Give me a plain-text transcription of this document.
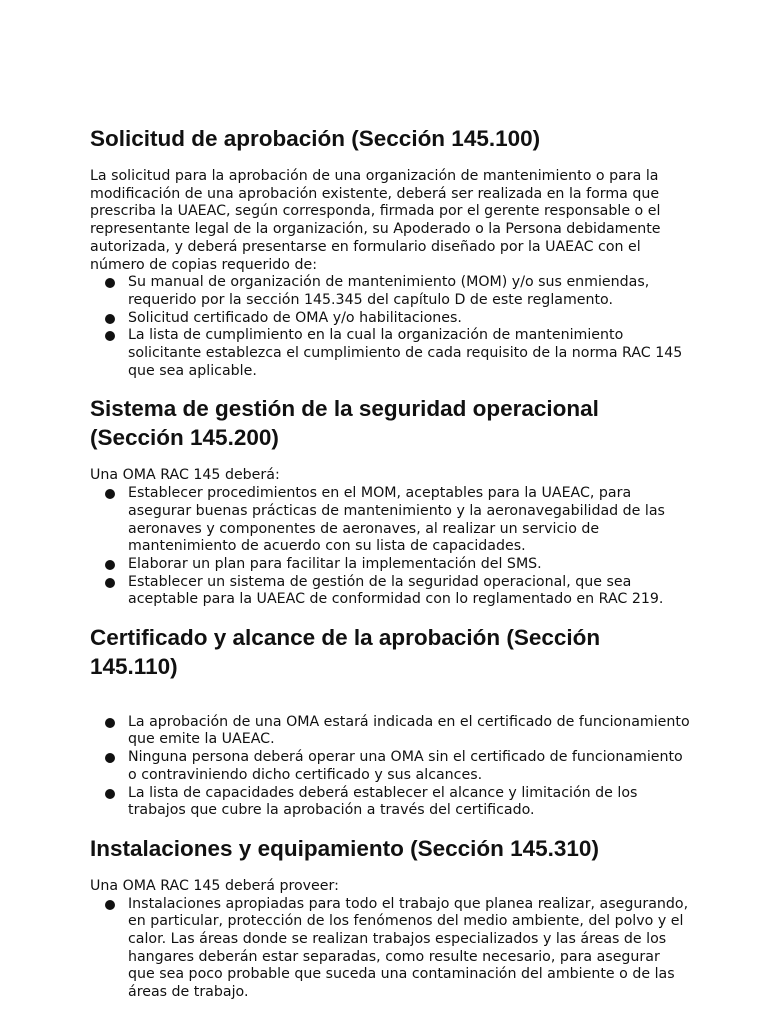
Solicitud de aprobación (Sección 145.100)

La solicitud para la aprobación de una organización de mantenimiento o para la modificación de una aprobación existente, deberá ser realizada en la forma que prescriba la UAEAC, según corresponda, firmada por el gerente responsable o el representante legal de la organización, su Apoderado o la Persona debidamente autorizada, y deberá presentarse en formulario diseñado por la UAEAC con el número de copias requerido de:

Su manual de organización de mantenimiento (MOM) y/o sus enmiendas, requerido por la sección 145.345 del capítulo D de este reglamento.
Solicitud certificado de OMA y/o habilitaciones.
La lista de cumplimiento en la cual la organización de mantenimiento solicitante establezca el cumplimiento de cada requisito de la norma RAC 145 que sea aplicable.
Sistema de gestión de la seguridad operacional (Sección 145.200)

Una OMA RAC 145 deberá:

Establecer procedimientos en el MOM, aceptables para la UAEAC, para asegurar buenas prácticas de mantenimiento y la aeronavegabilidad de las aeronaves y componentes de aeronaves, al realizar un servicio de mantenimiento de acuerdo con su lista de capacidades.
Elaborar un plan para facilitar la implementación del SMS.
Establecer un sistema de gestión de la seguridad operacional, que sea aceptable para la UAEAC de conformidad con lo reglamentado en RAC 219.
Certificado y alcance de la aprobación (Sección 145.110)
La aprobación de una OMA estará indicada en el certificado de funcionamiento que emite la UAEAC.
Ninguna persona deberá operar una OMA sin el certificado de funcionamiento o contraviniendo dicho certificado y sus alcances.
La lista de capacidades deberá establecer el alcance y limitación de los trabajos que cubre la aprobación a través del certificado.
Instalaciones y equipamiento (Sección 145.310)

Una OMA RAC 145 deberá proveer:

Instalaciones apropiadas para todo el trabajo que planea realizar, asegurando, en particular, protección de los fenómenos del medio ambiente, del polvo y el calor. Las áreas donde se realizan trabajos especializados y las áreas de los hangares deberán estar separadas, como resulte necesario, para asegurar que sea poco probable que suceda una contaminación del ambiente o de las áreas de trabajo.
